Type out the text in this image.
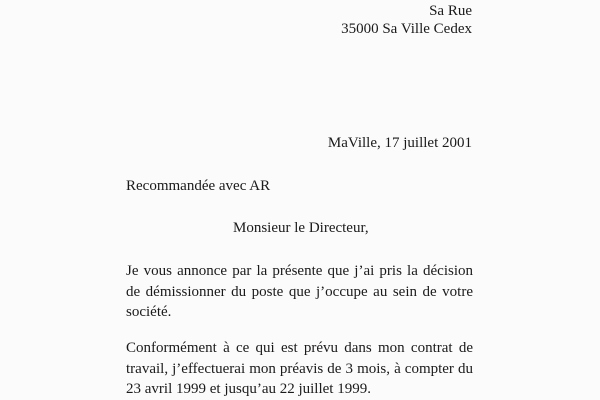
Sa Rue
35000 Sa Ville Cedex
MaVille, 17 juillet 2001
Recommandée avec AR
Monsieur le Directeur,
Je vous annonce par la présente que j’ai pris la décision
de démissionner du poste que j’occupe au sein de votre
société.
Conformément à ce qui est prévu dans mon contrat de
travail, j’effectuerai mon préavis de 3 mois, à compter du
23 avril 1999 et jusqu’au 22 juillet 1999.
